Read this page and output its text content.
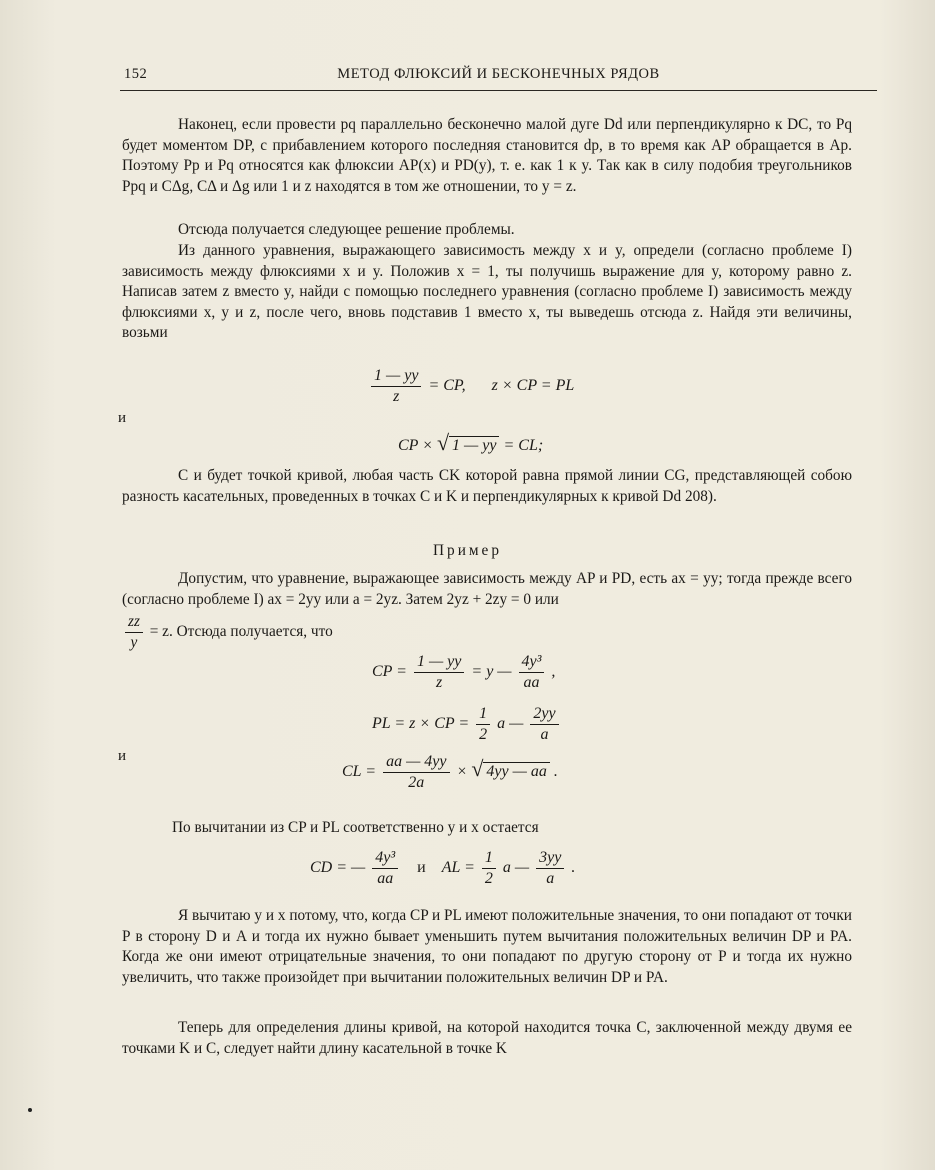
152	МЕТОД ФЛЮКСИЙ И БЕСКОНЕЧНЫХ РЯДОВ

Наконец, если провести pq параллельно бесконечно малой дуге Dd или перпендикулярно к DC, то Pq будет моментом DP, с прибавлением которого последняя становится dp, в то время как AP обращается в Ap. Поэтому Pp и Pq относятся как флюксии AP(x) и PD(y), т. е. как 1 к y. Так как в силу подобия треугольников Ppq и CΔg, CΔ и Δg или 1 и z находятся в том же отношении, то y = z.

Отсюда получается следующее решение проблемы.

Из данного уравнения, выражающего зависимость между x и y, определи (согласно проблеме I) зависимость между флюксиями x и y. Положив x = 1, ты получишь выражение для y, которому равно z. Написав затем z вместо y, найди с помощью последнего уравнения (согласно проблеме I) зависимость между флюксиями x, y и z, после чего, вновь подставив 1 вместо x, ты выведешь отсюда z. Найдя эти величины, возьми

$\frac{1 — yy}{z}$ = CP, z × CP = PL
и
CP × √ 1 — yy = CL;

C и будет точкой кривой, любая часть CK которой равна прямой линии CG, представляющей собою разность касательных, проведенных в точках C и K и перпендикулярных к кривой Dd 208).

Пример

Допустим, что уравнение, выражающее зависимость между AP и PD, есть ax = yy; тогда прежде всего (согласно проблеме I) ax = 2yy или a = 2yz. Затем 2yz + 2zy = 0 или

$\frac{zz}{y} = z$. Отсюда получается, что
CP = $\frac{1 — yy}{z} = y$ — $\frac{\text{4y³}}{aa}$ ,
PL = z × CP = $\frac{1}{2}$ a — $\frac{2yy}{a}$
и
CL = $\frac{aa — 4yy}{2a}$ × √ 4yy — aa .

По вычитании из CP и PL соответственно y и x остается

CD = — $\frac{\text{4y³}}{aa}$ и AL = $\frac{1}{2}$ a — $\frac{3yy}{a}$ .

Я вычитаю y и x потому, что, когда CP и PL имеют положительные значения, то они попадают от точки P в сторону D и A и тогда их нужно бывает уменьшить путем вычитания положительных величин DP и PA. Когда же они имеют отрицательные значения, то они попадают по другую сторону от P и тогда их нужно увеличить, что также произойдет при вычитании положительных величин DP и PA.

Теперь для определения длины кривой, на которой находится точка C, заключенной между двумя ее точками K и C, следует найти длину касательной в точке K
